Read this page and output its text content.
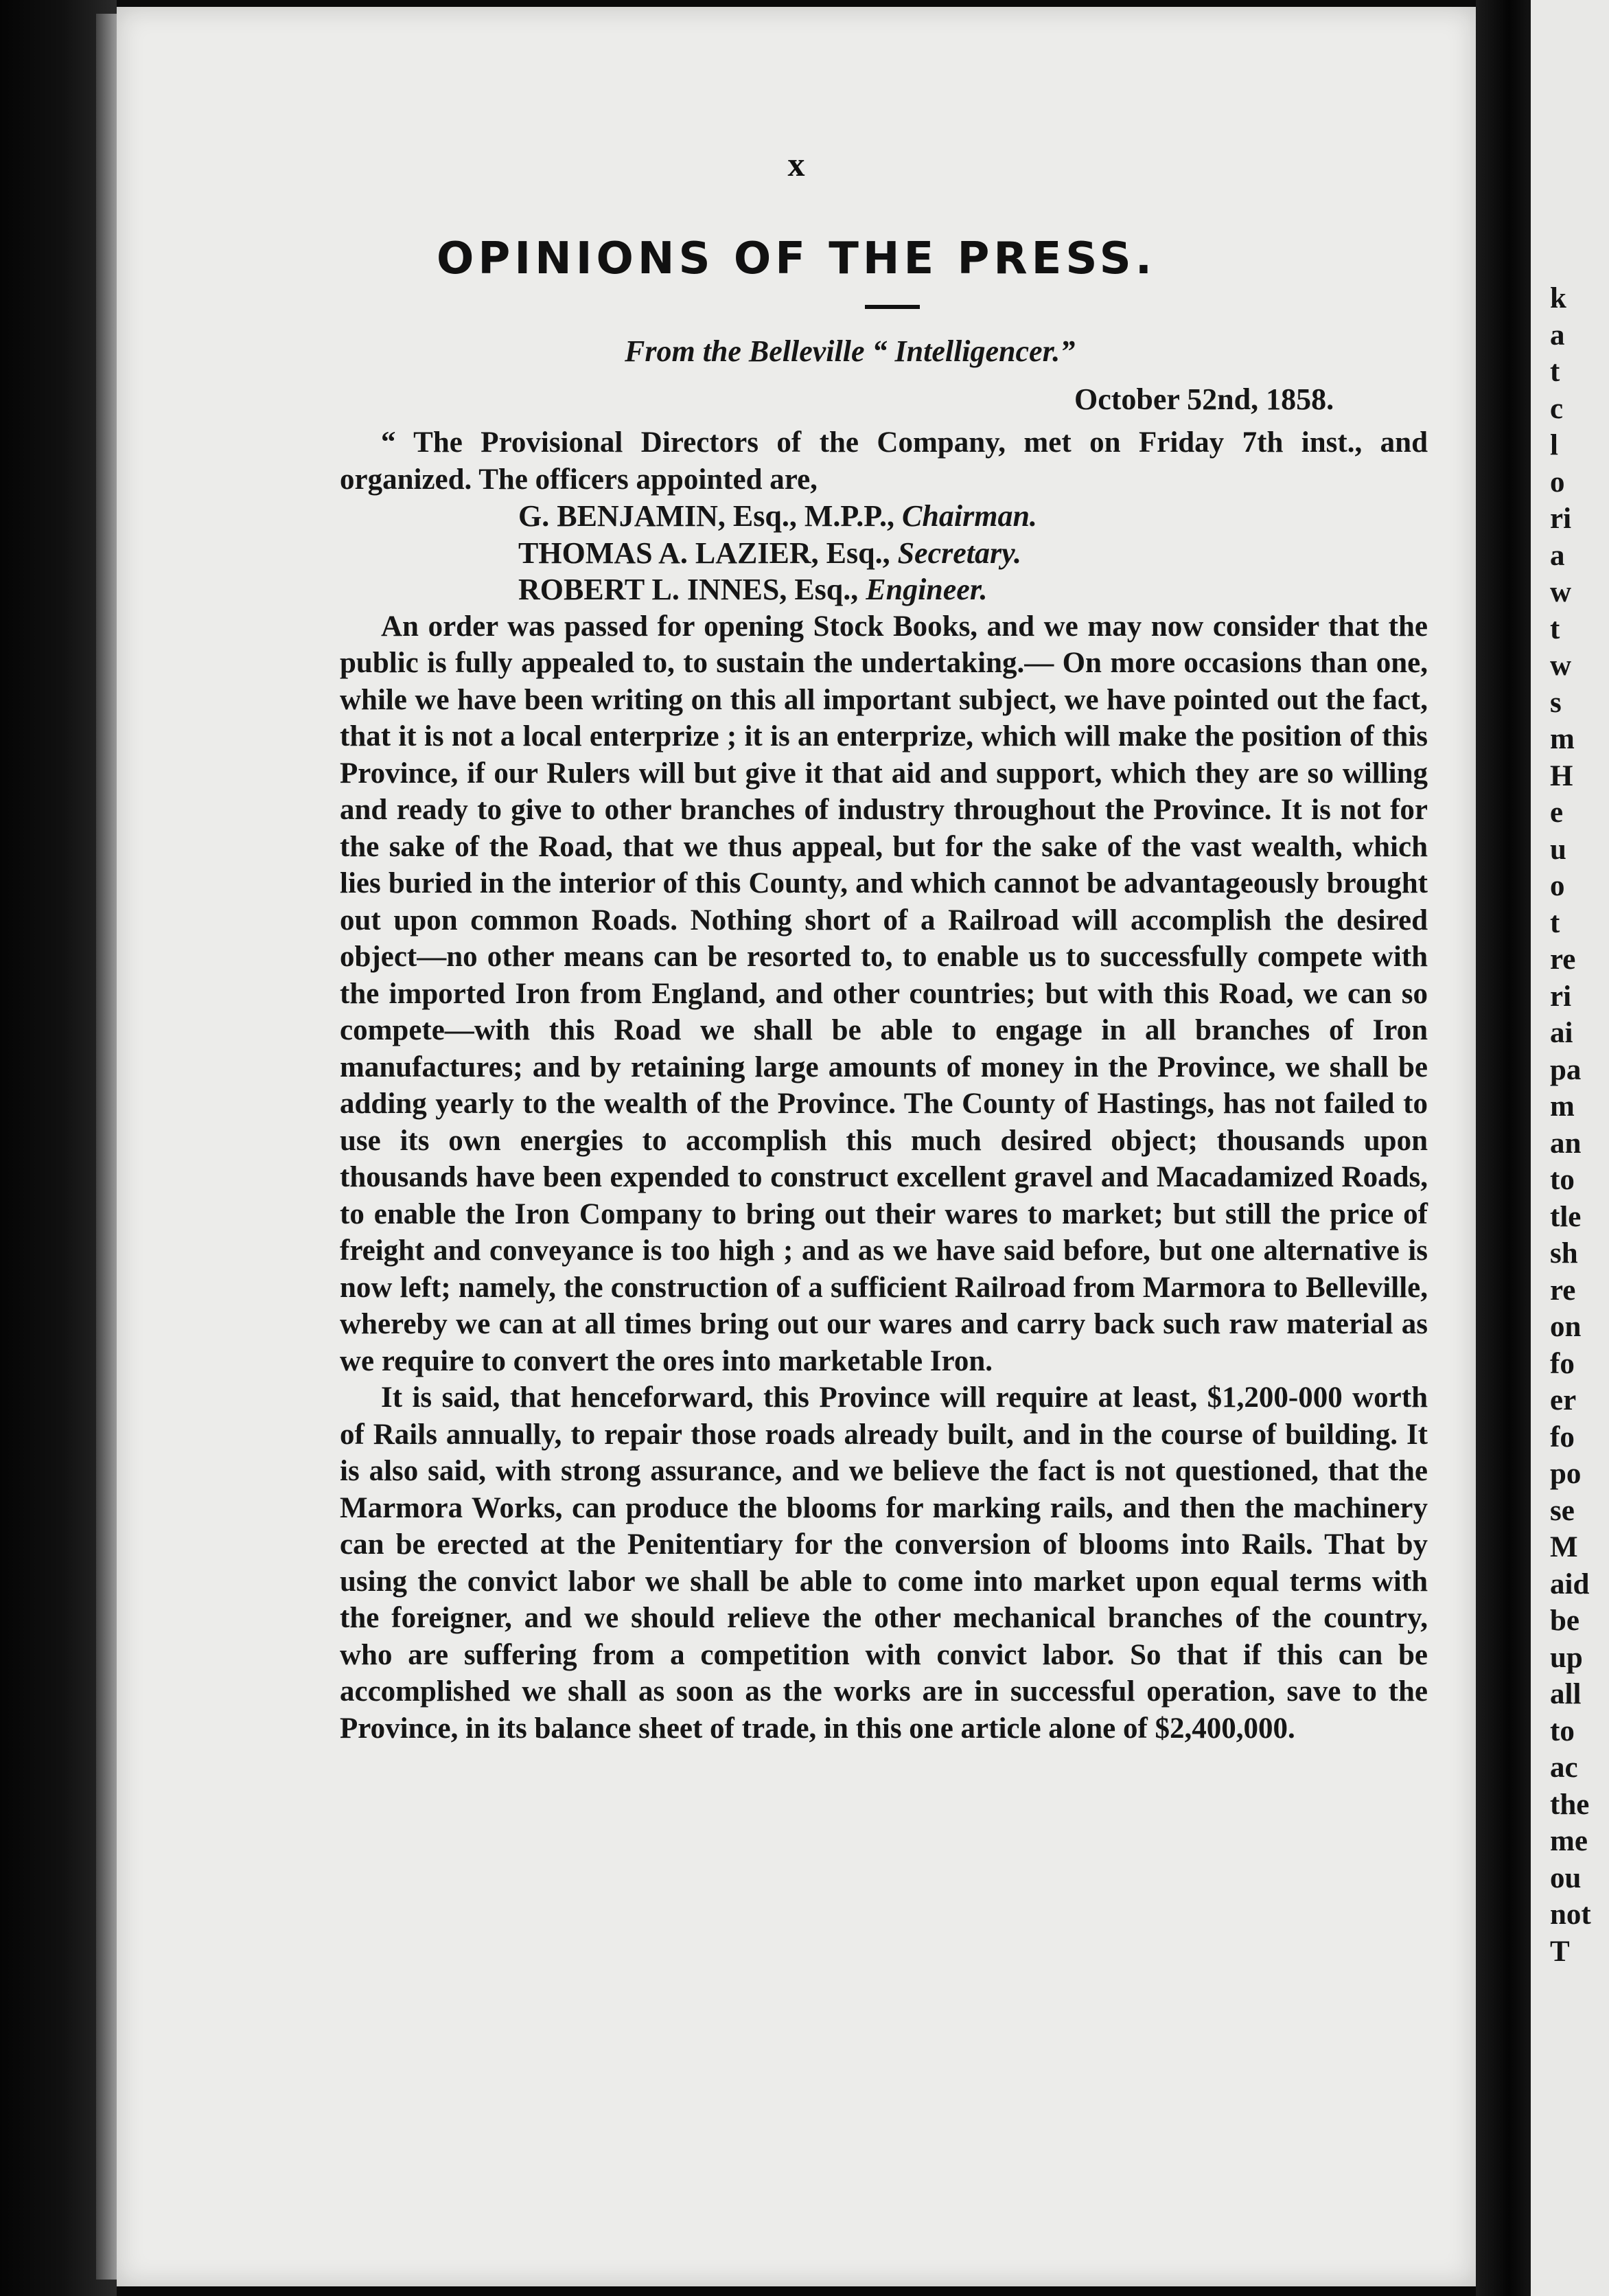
x
OPINIONS OF THE PRESS.
From the Belleville “ Intelligencer.”
October 52nd, 1858.

“ The Provisional Directors of the Company, met on Friday 7th inst., and organized. The officers appointed are,

G. BENJAMIN, Esq., M.P.P., Chairman.
THOMAS A. LAZIER, Esq., Secretary.
ROBERT L. INNES, Esq., Engineer.

An order was passed for opening Stock Books, and we may now consider that the public is fully appealed to, to sustain the undertaking.— On more occasions than one, while we have been writing on this all important subject, we have pointed out the fact, that it is not a local enterprize ; it is an enterprize, which will make the position of this Province, if our Rulers will but give it that aid and support, which they are so willing and ready to give to other branches of industry throughout the Province. It is not for the sake of the Road, that we thus appeal, but for the sake of the vast wealth, which lies buried in the interior of this County, and which cannot be advantageously brought out upon common Roads. Nothing short of a Railroad will accomplish the desired object—no other means can be resorted to, to enable us to successfully compete with the imported Iron from England, and other countries; but with this Road, we can so compete—with this Road we shall be able to engage in all branches of Iron manufactures; and by retaining large amounts of money in the Province, we shall be adding yearly to the wealth of the Province. The County of Hastings, has not failed to use its own energies to accomplish this much desired object; thousands upon thousands have been expended to construct excellent gravel and Macadamized Roads, to enable the Iron Company to bring out their wares to market; but still the price of freight and conveyance is too high ; and as we have said before, but one alternative is now left; namely, the construction of a sufficient Railroad from Marmora to Belleville, whereby we can at all times bring out our wares and carry back such raw material as we require to convert the ores into marketable Iron.

It is said, that henceforward, this Province will require at least, $1,200-000 worth of Rails annually, to repair those roads already built, and in the course of building. It is also said, with strong assurance, and we believe the fact is not questioned, that the Marmora Works, can produce the blooms for marking rails, and then the machinery can be erected at the Penitentiary for the conversion of blooms into Rails. That by using the convict labor we shall be able to come into market upon equal terms with the foreigner, and we should relieve the other mechanical branches of the country, who are suffering from a competition with convict labor. So that if this can be accomplished we shall as soon as the works are in successful operation, save to the Province, in its balance sheet of trade, in this one article alone of $2,400,000.

k
a
t
c
l
o
ri
a
w
t
w
s
m
H
e
u
o
t
re
ri
ai
pa
m
an
to
tle
sh
re
on
fo
er
fo
po
se
M
aid
be
up
all
to
ac
the
me
ou
not
T
